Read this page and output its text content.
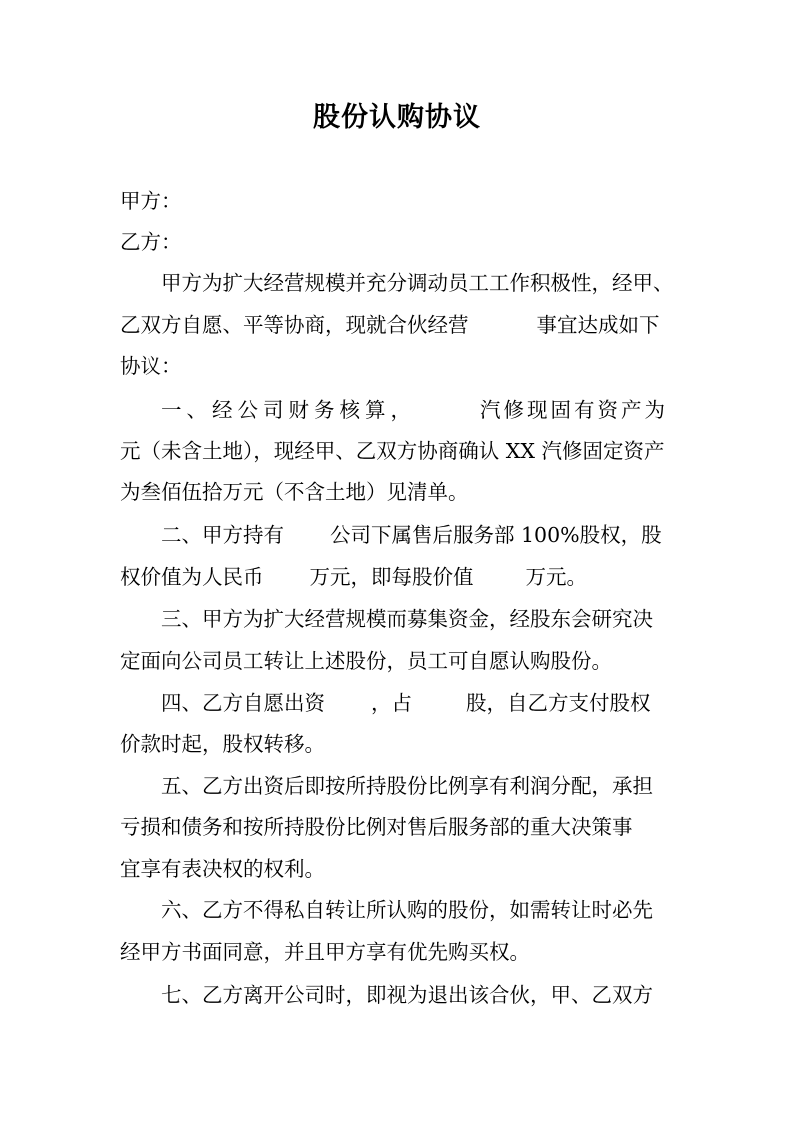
股份认购协议
甲方：
乙方：
甲方为扩大经营规模并充分调动员工工作积极性，经甲、
乙双方自愿、平等协商，现就合伙经营	事宜达成如下
协议：
一、经公司财务核算，	汽修现固有资产为
元（未含土地），现经甲、乙双方协商确认 XX 汽修固定资产
为叁佰伍拾万元（不含土地）见清单。
二、甲方持有 公司下属售后服务部 100%股权，股
权价值为人民币 万元，即每股价值	万元。
三、甲方为扩大经营规模而募集资金，经股东会研究决
定面向公司员工转让上述股份，员工可自愿认购股份。
四、乙方自愿出资 ，占	股，自乙方支付股权
价款时起，股权转移。
五、乙方出资后即按所持股份比例享有利润分配，承担
亏损和债务和按所持股份比例对售后服务部的重大决策事
宜享有表决权的权利。
六、乙方不得私自转让所认购的股份，如需转让时必先
经甲方书面同意，并且甲方享有优先购买权。
七、乙方离开公司时，即视为退出该合伙，甲、乙双方
